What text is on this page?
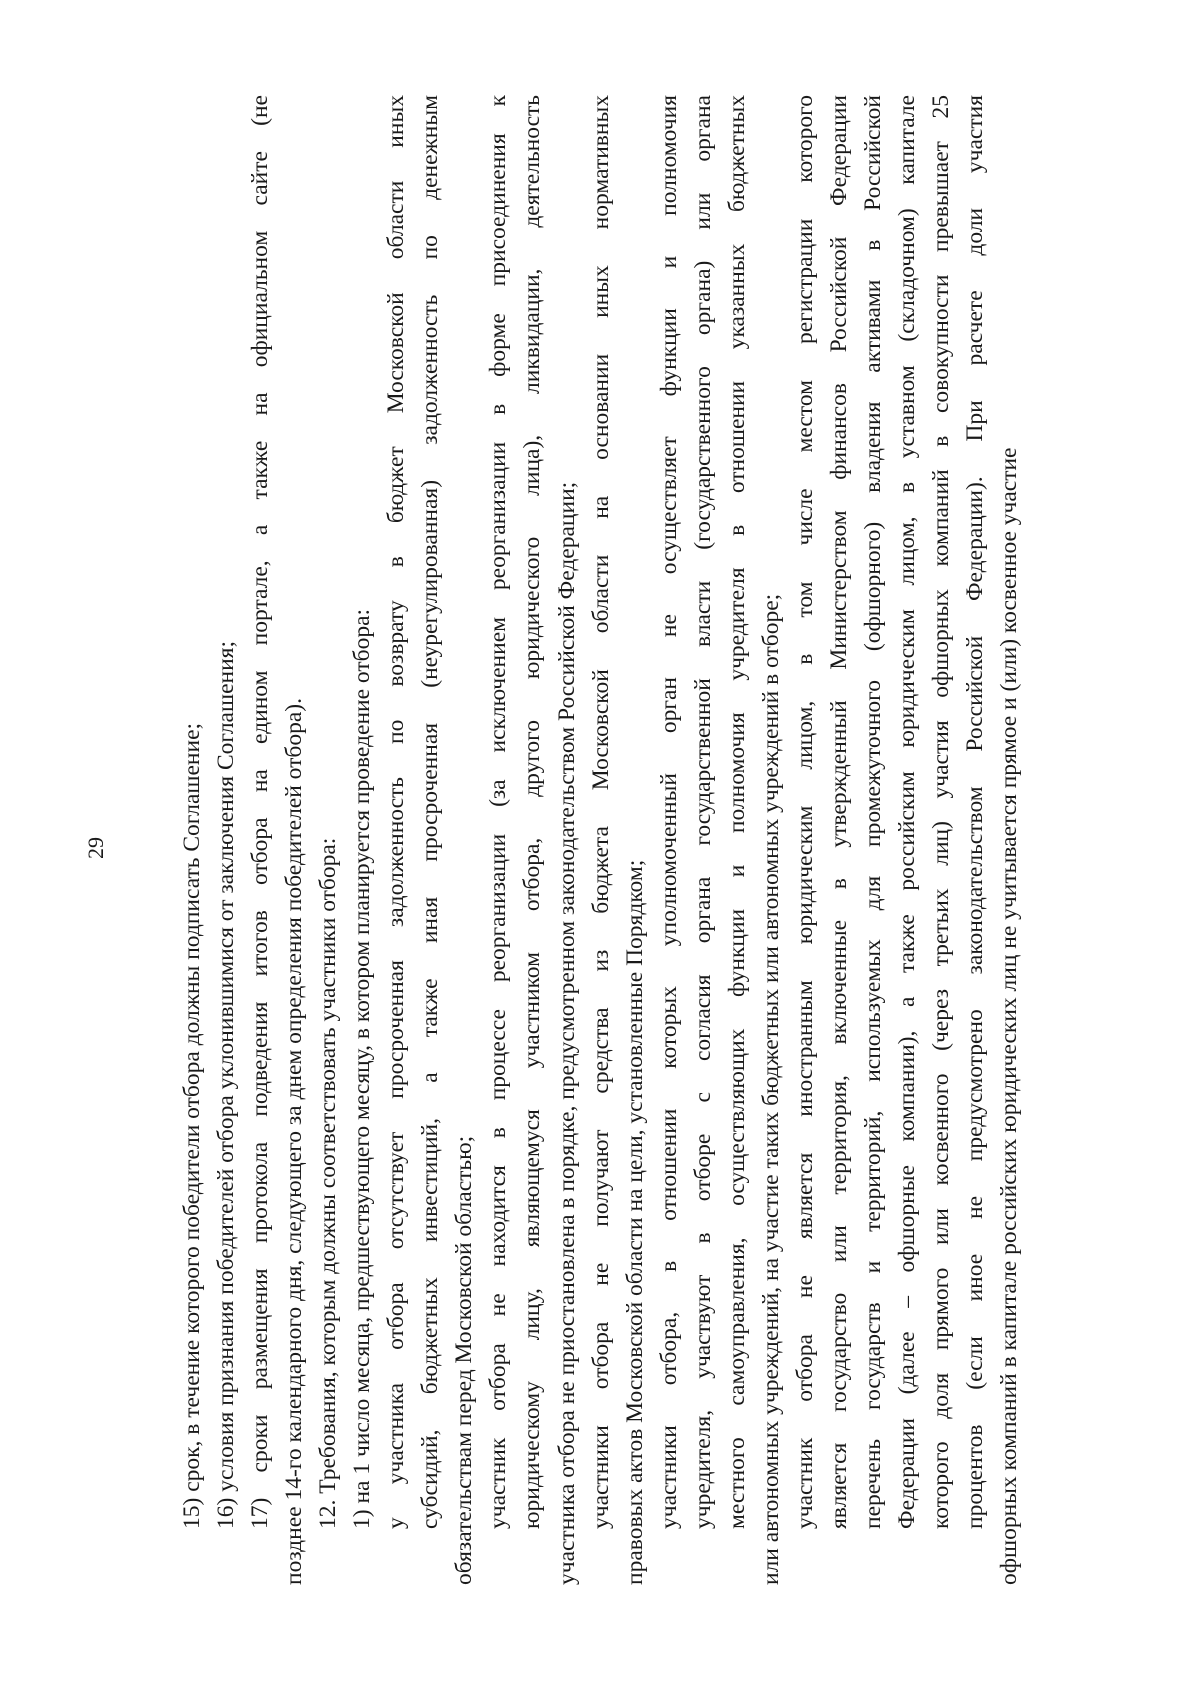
29	15) срок, в течение которого победители отбора должны подписать Соглашение; 16) условия признания победителей отбора уклонившимися от заключения Соглашения; 17) сроки размещения протокола подведения итогов отбора на едином портале, а также на официальном сайте (не позднее 14-го календарного дня, следующего за днем определения победителей отбора). 12. Требования, которым должны соответствовать участники отбора: 1) на 1 число месяца, предшествующего месяцу, в котором планируется проведение отбора: у участника отбора отсутствует просроченная задолженность по возврату в бюджет Московской области иных субсидий, бюджетных инвестиций, а также иная просроченная (неурегулированная) задолженность по денежным обязательствам перед Московской областью; участник отбора не находится в процессе реорганизации (за исключением реорганизации в форме присоединения к юридическому лицу, являющемуся участником отбора, другого юридического лица), ликвидации, деятельность участника отбора не приостановлена в порядке, предусмотренном законодательством Российской Федерации; участники отбора не получают средства из бюджета Московской области на основании иных нормативных правовых актов Московской области на цели, установленные Порядком; участники отбора, в отношении которых уполномоченный орган не осуществляет функции и полномочия учредителя, участвуют в отборе с согласия органа государственной власти (государственного органа) или органа местного самоуправления, осуществляющих функции и полномочия учредителя в отношении указанных бюджетных или автономных учреждений, на участие таких бюджетных или автономных учреждений в отборе; участник отбора не является иностранным юридическим лицом, в том числе местом регистрации которого является государство или территория, включенные в утвержденный Министерством финансов Российской Федерации перечень государств и территорий, используемых для промежуточного (офшорного) владения активами в Российской Федерации (далее – офшорные компании), а также российским юридическим лицом, в уставном (складочном) капитале которого доля прямого или косвенного (через третьих лиц) участия офшорных компаний в совокупности превышает 25 процентов (если иное не предусмотрено законодательством Российской Федерации). При расчете доли участия офшорных компаний в капитале российских юридических лиц не учитывается прямое и (или) косвенное участие
